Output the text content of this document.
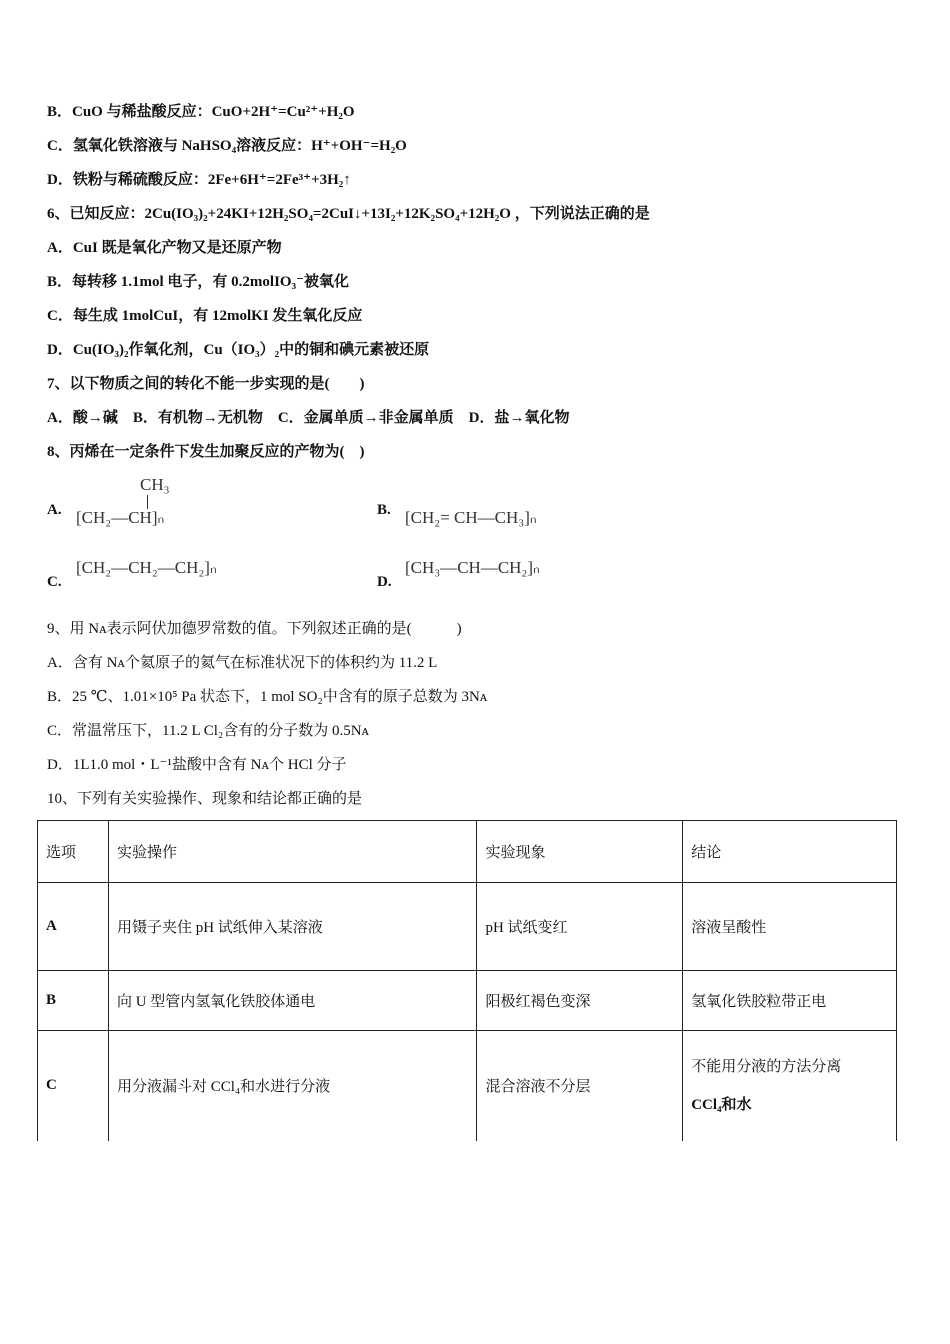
B．CuO 与稀盐酸反应：CuO+2H⁺=Cu²⁺+H₂O
C．氢氧化铁溶液与 NaHSO₄溶液反应：H⁺+OH⁻=H₂O
D．铁粉与稀硫酸反应：2Fe+6H⁺=2Fe³⁺+3H₂↑
6、已知反应：2Cu(IO₃)₂+24KI+12H₂SO₄=2CuI↓+13I₂+12K₂SO₄+12H₂O ，下列说法正确的是
A．CuI 既是氧化产物又是还原产物
B．每转移 1.1mol 电子，有 0.2molIO₃⁻被氧化
C．每生成 1molCuI，有 12molKI 发生氧化反应
D．Cu(IO₃)₂作氧化剂，Cu（IO₃）₂中的铜和碘元素被还原
7、以下物质之间的转化不能一步实现的是(　　)
A．酸→碱　B．有机物→无机物　C．金属单质→非金属单质　D．盐→氧化物
8、丙烯在一定条件下发生加聚反应的产物为(　)
A.
CH₃
[CH₂—CH]ₙ	B. [CH₂= CH—CH₃]ₙ
C.
[CH₂—CH₂—CH₂]ₙ
D.
[CH₃—CH—CH₂]ₙ
9、用 Nᴀ表示阿伏加德罗常数的值。下列叙述正确的是(　　　)
A．含有 Nᴀ个氦原子的氦气在标准状况下的体积约为 11.2 L
B．25 ℃、1.01×10⁵ Pa 状态下，1 mol SO₂中含有的原子总数为 3Nᴀ
C．常温常压下，11.2 L Cl₂含有的分子数为 0.5Nᴀ
D．1L1.0 mol・L⁻¹盐酸中含有 Nᴀ个 HCl 分子
10、下列有关实验操作、现象和结论都正确的是
选项	实验操作	实验现象	结论
A	用镊子夹住 pH 试纸伸入某溶液	pH 试纸变红	溶液呈酸性
B	向 U 型管内氢氧化铁胶体通电	阳极红褐色变深	氢氧化铁胶粒带正电
C	用分液漏斗对 CCl₄和水进行分液	混合溶液不分层	不能用分液的方法分离
CCl₄和水
